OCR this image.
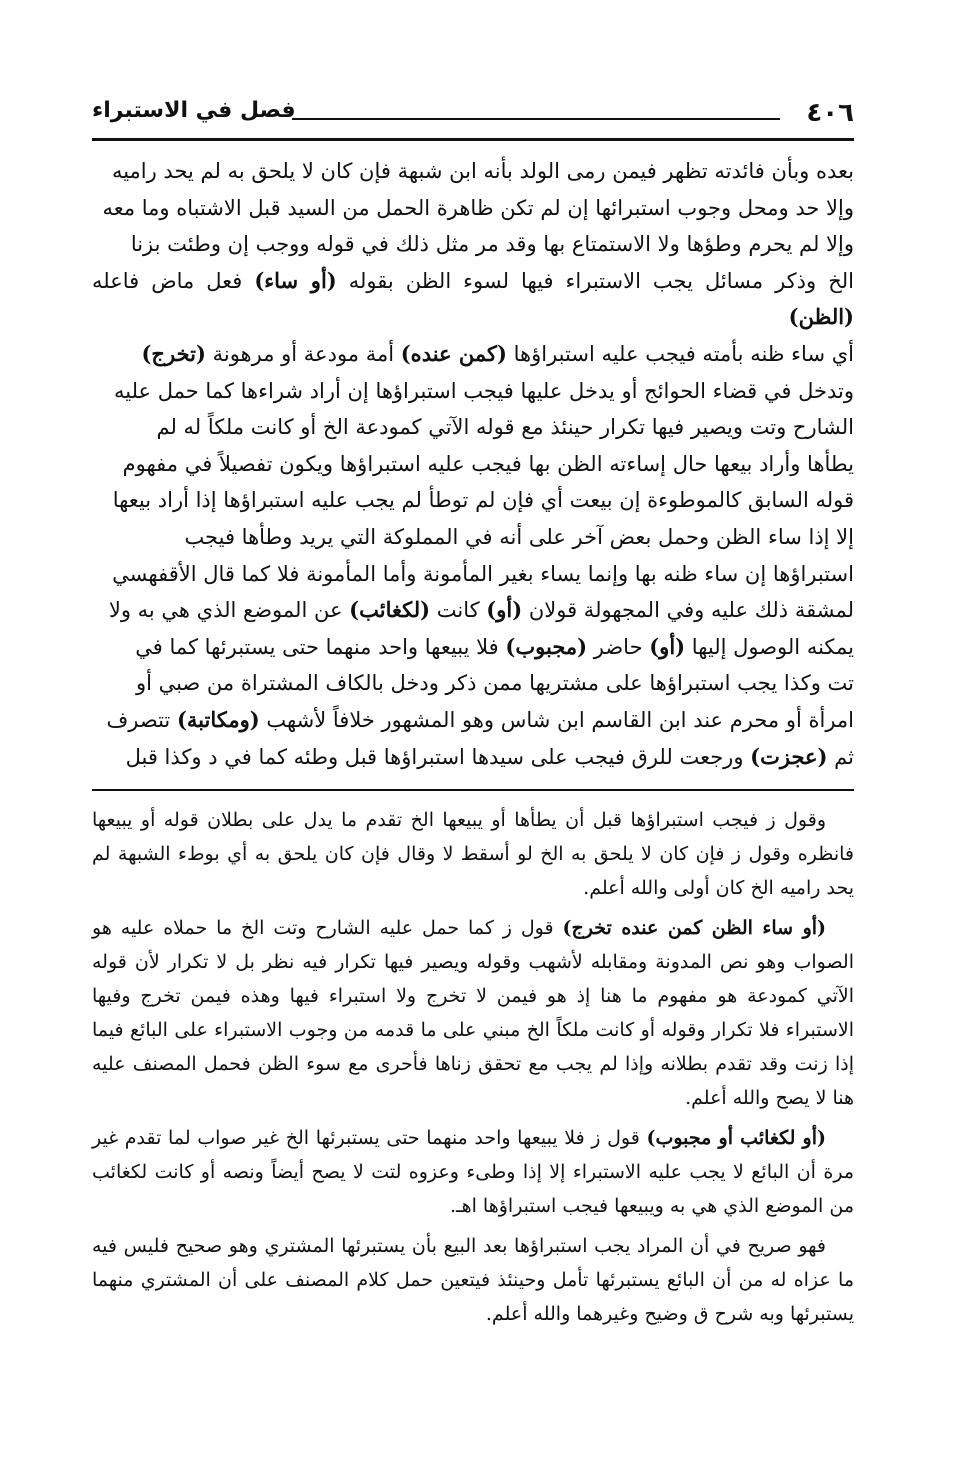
٤٠٦
فصل في الاستبراء

بعده وبأن فائدته تظهر فيمن رمى الولد بأنه ابن شبهة فإن كان لا يلحق به لم يحد راميه

وإلا حد ومحل وجوب استبرائها إن لم تكن ظاهرة الحمل من السيد قبل الاشتباه وما معه

وإلا لم يحرم وطؤها ولا الاستمتاع بها وقد مر مثل ذلك في قوله ووجب إن وطئت بزنا

الخ وذكر مسائل يجب الاستبراء فيها لسوء الظن بقوله (أو ساء) فعل ماض فاعله (الظن)

أي ساء ظنه بأمته فيجب عليه استبراؤها (كمن عنده) أمة مودعة أو مرهونة (تخرج)

وتدخل في قضاء الحوائج أو يدخل عليها فيجب استبراؤها إن أراد شراءها كما حمل عليه

الشارح وتت ويصير فيها تكرار حينئذ مع قوله الآتي كمودعة الخ أو كانت ملكاً له لم

يطأها وأراد بيعها حال إساءته الظن بها فيجب عليه استبراؤها ويكون تفصيلاً في مفهوم

قوله السابق كالموطوءة إن بيعت أي فإن لم توطأ لم يجب عليه استبراؤها إذا أراد بيعها

إلا إذا ساء الظن وحمل بعض آخر على أنه في المملوكة التي يريد وطأها فيجب

استبراؤها إن ساء ظنه بها وإنما يساء بغير المأمونة وأما المأمونة فلا كما قال الأقفهسي

لمشقة ذلك عليه وفي المجهولة قولان (أو) كانت (لكغائب) عن الموضع الذي هي به ولا

يمكنه الوصول إليها (أو) حاضر (مجبوب) فلا يبيعها واحد منهما حتى يستبرئها كما في

تت وكذا يجب استبراؤها على مشتريها ممن ذكر ودخل بالكاف المشتراة من صبي أو

امرأة أو محرم عند ابن القاسم ابن شاس وهو المشهور خلافاً لأشهب (ومكاتبة) تتصرف

ثم (عجزت) ورجعت للرق فيجب على سيدها استبراؤها قبل وطئه كما في د وكذا قبل

وقول ز فيجب استبراؤها قبل أن يطأها أو يبيعها الخ تقدم ما يدل على بطلان قوله أو يبيعها فانظره وقول ز فإن كان لا يلحق به الخ لو أسقط لا وقال فإن كان يلحق به أي بوطء الشبهة لم يحد راميه الخ كان أولى والله أعلم.

(أو ساء الظن كمن عنده تخرج) قول ز كما حمل عليه الشارح وتت الخ ما حملاه عليه هو الصواب وهو نص المدونة ومقابله لأشهب وقوله ويصير فيها تكرار فيه نظر بل لا تكرار لأن قوله الآتي كمودعة هو مفهوم ما هنا إذ هو فيمن لا تخرج ولا استبراء فيها وهذه فيمن تخرج وفيها الاستبراء فلا تكرار وقوله أو كانت ملكاً الخ مبني على ما قدمه من وجوب الاستبراء على البائع فيما إذا زنت وقد تقدم بطلانه وإذا لم يجب مع تحقق زناها فأحرى مع سوء الظن فحمل المصنف عليه هنا لا يصح والله أعلم.

(أو لكغائب أو مجبوب) قول ز فلا يبيعها واحد منهما حتى يستبرئها الخ غير صواب لما تقدم غير مرة أن البائع لا يجب عليه الاستبراء إلا إذا وطىء وعزوه لتت لا يصح أيضاً ونصه أو كانت لكغائب من الموضع الذي هي به ويبيعها فيجب استبراؤها اهـ.

فهو صريح في أن المراد يجب استبراؤها بعد البيع بأن يستبرئها المشتري وهو صحيح فليس فيه ما عزاه له من أن البائع يستبرئها تأمل وحينئذ فيتعين حمل كلام المصنف على أن المشتري منهما يستبرئها وبه شرح ق وضيح وغيرهما والله أعلم.
